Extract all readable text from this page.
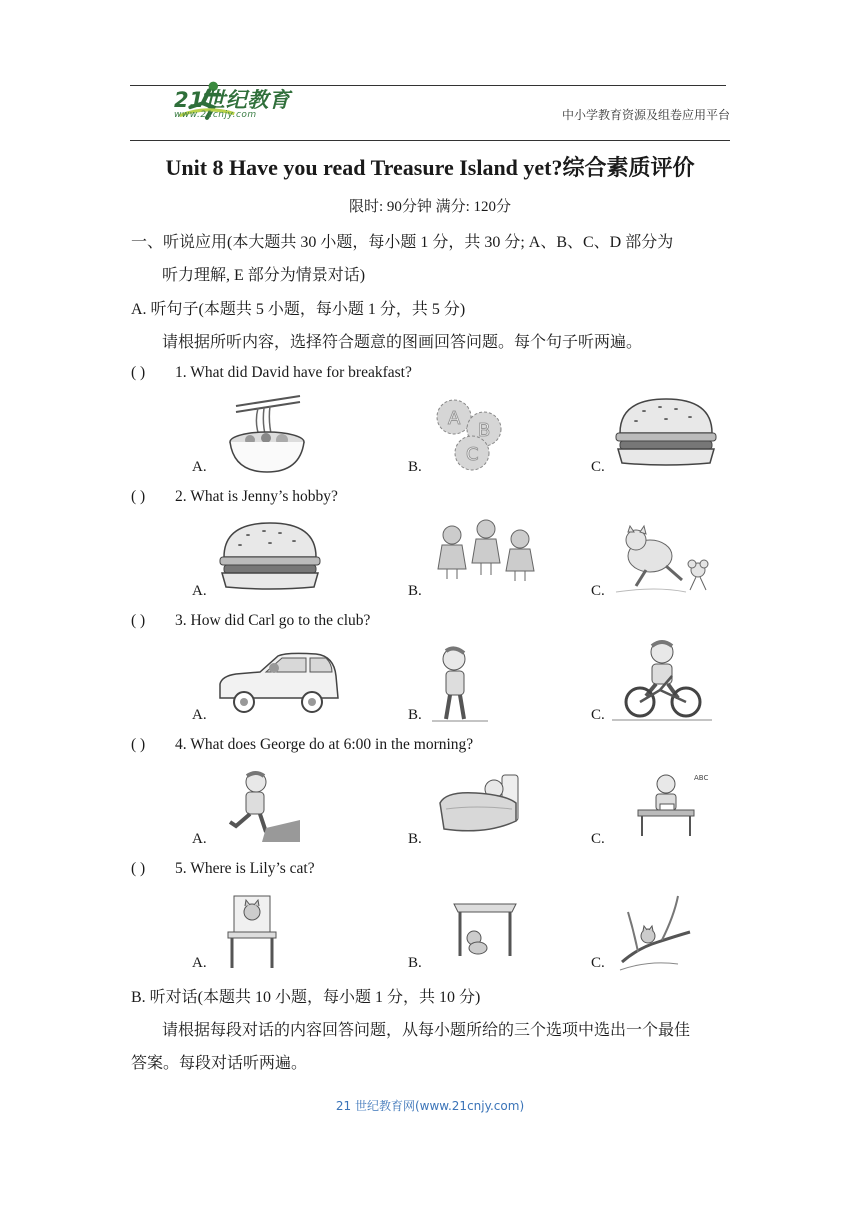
21世纪教育
www.21cnjy.com	中小学教育资源及组卷应用平台
Unit 8 Have you read Treasure Island yet?综合素质评价
限时: 90分钟 满分: 120分
一、听说应用(本大题共 30 小题，每小题 1 分，共 30 分; A、B、C、D 部分为
听力理解, E 部分为情景对话)
A. 听句子(本题共 5 小题，每小题 1 分，共 5 分)
请根据所听内容，选择符合题意的图画回答问题。每个句子听两遍。
( ) 1. What did David have for breakfast?
A.	B.	C.
A
B
C
( ) 2. What is Jenny’s hobby?
A.	B.	C.
( ) 3. How did Carl go to the club?
A.	B.	C.
( ) 4. What does George do at 6:00 in the morning?
A.	B.	C.
ABC
( ) 5. Where is Lily’s cat?
A.	B.	C.
B. 听对话(本题共 10 小题，每小题 1 分，共 10 分)
请根据每段对话的内容回答问题，从每小题所给的三个选项中选出一个最佳
答案。每段对话听两遍。
21 世纪教育网(www.21cnjy.com)
